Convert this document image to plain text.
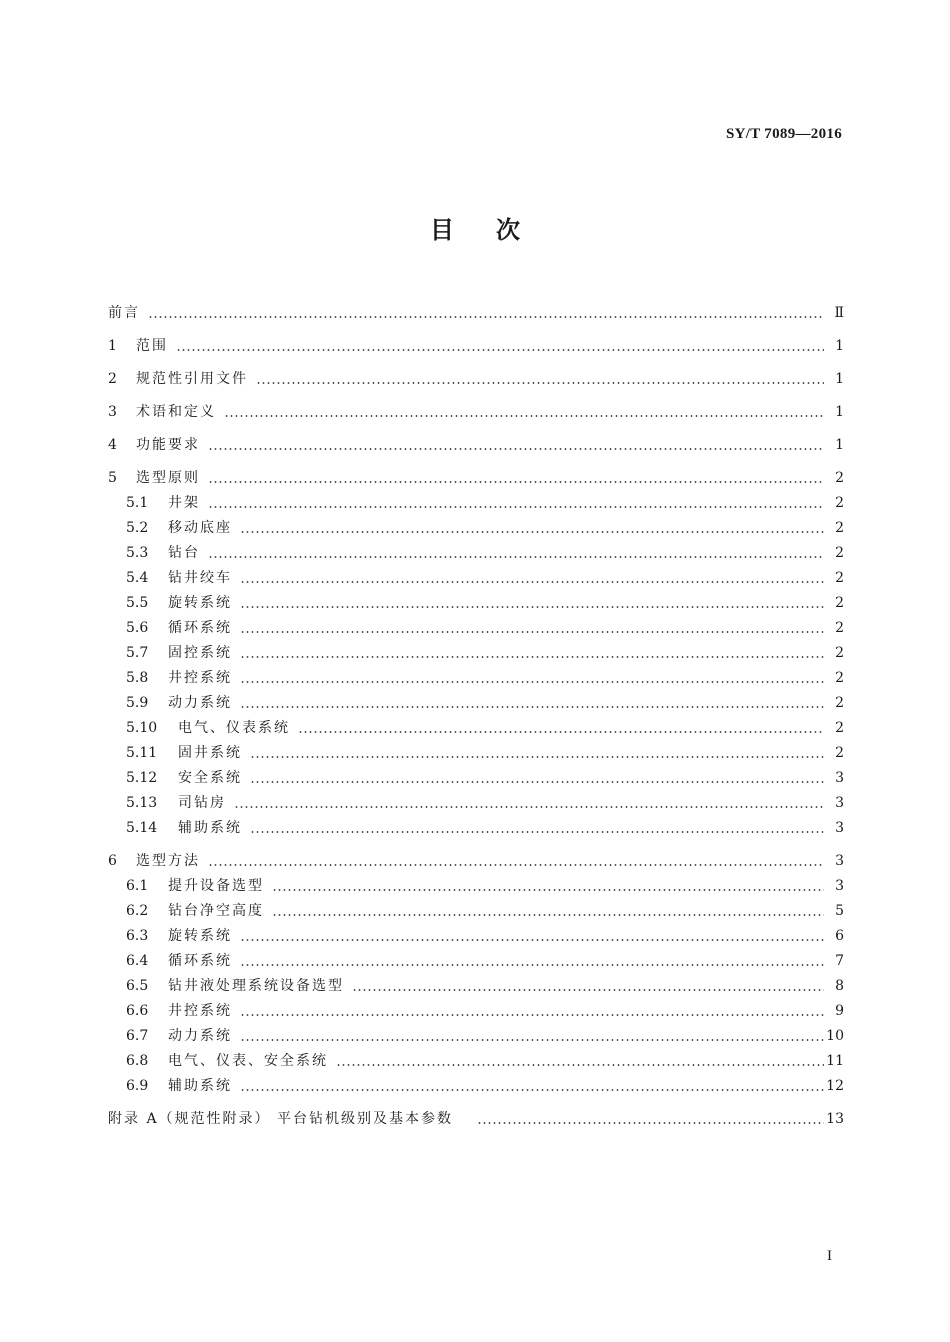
SY/T 7089—2016
目 次
前言	Ⅱ
1	范围	1
2	规范性引用文件	1
3	术语和定义	1
4	功能要求	1
5	选型原则	2
5.1	井架	2
5.2	移动底座	2
5.3	钻台	2
5.4	钻井绞车	2
5.5	旋转系统	2
5.6	循环系统	2
5.7	固控系统	2
5.8	井控系统	2
5.9	动力系统	2
5.10	电气、仪表系统	2
5.11	固井系统	2
5.12	安全系统	3
5.13	司钻房	3
5.14	辅助系统	3
6	选型方法	3
6.1	提升设备选型	3
6.2	钻台净空高度	5
6.3	旋转系统	6
6.4	循环系统	7
6.5	钻井液处理系统设备选型	8
6.6	井控系统	9
6.7	动力系统	10
6.8	电气、仪表、安全系统	11
6.9	辅助系统	12
附录 A（规范性附录） 平台钻机级别及基本参数	13
I
